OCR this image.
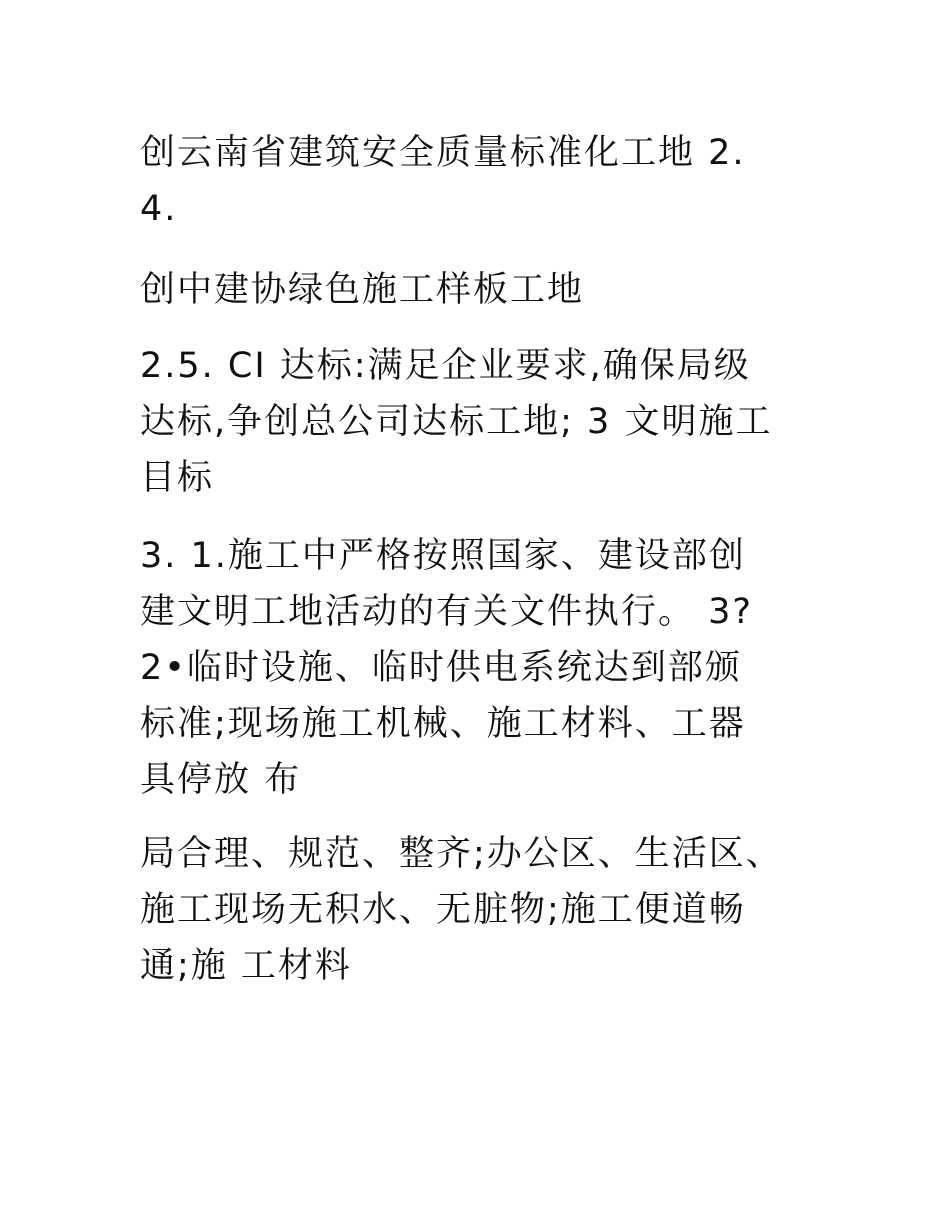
创云南省建筑安全质量标准化工地 2.
4.
创中建协绿色施工样板工地
2.5. CI 达标:满足企业要求,确保局级
达标,争创总公司达标工地; 3 文明施工
目标
3. 1.施工中严格按照国家、建设部创
建文明工地活动的有关文件执行。 3?
2•临时设施、临时供电系统达到部颁
标准;现场施工机械、施工材料、工器
具停放 布
局合理、规范、整齐;办公区、生活区、
施工现场无积水、无脏物;施工便道畅
通;施 工材料
